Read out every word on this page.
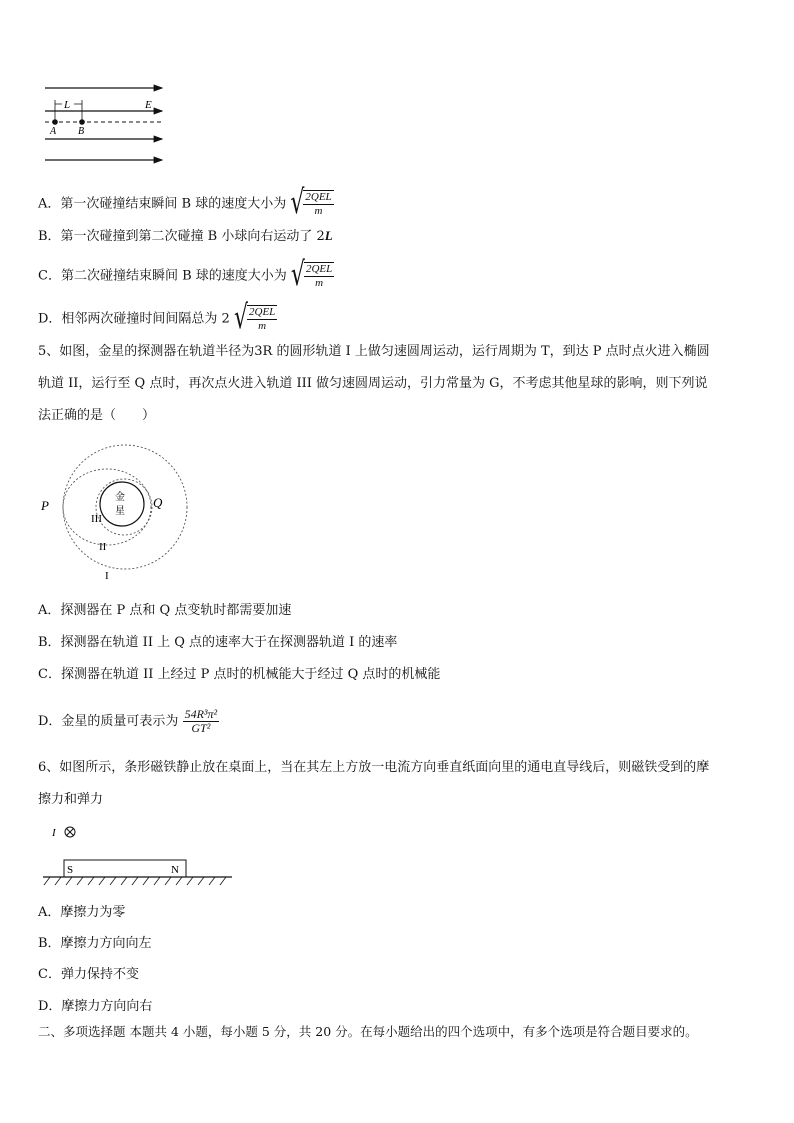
L	E
A B
A．第一次碰撞结束瞬间 B 球的速度大小为 √ $\frac{\text{2QEL}}{m}$
B．第一次碰撞到第二次碰撞 B 小球向右运动了 2L
C．第二次碰撞结束瞬间 B 球的速度大小为 √ $\frac{\text{2QEL}}{m}$
D．相邻两次碰撞时间间隔总为 2 √ $\frac{\text{2QEL}}{m}$
5、如图，金星的探测器在轨道半径为3R 的圆形轨道 I 上做匀速圆周运动，运行周期为 T，到达 P 点时点火进入椭圆
轨道 II，运行至 Q 点时，再次点火进入轨道 III 做匀速圆周运动，引力常量为 G，不考虑其他星球的影响，则下列说
法正确的是（　　）
金
星
P	Q
III
II
I
A．探测器在 P 点和 Q 点变轨时都需要加速
B．探测器在轨道 II 上 Q 点的速率大于在探测器轨道 I 的速率
C．探测器在轨道 II 上经过 P 点时的机械能大于经过 Q 点时的机械能
D．金星的质量可表示为 $\frac{\text{54R³π²}}{\text{GT²}}$
6、如图所示，条形磁铁静止放在桌面上，当在其左上方放一电流方向垂直纸面向里的通电直导线后，则磁铁受到的摩
擦力和弹力
I
S	N
A．摩擦力为零
B．摩擦力方向向左
C．弹力保持不变
D．摩擦力方向向右
二、多项选择题 本题共 4 小题，每小题 5 分，共 20 分。在每小题给出的四个选项中，有多个选项是符合题目要求的。
